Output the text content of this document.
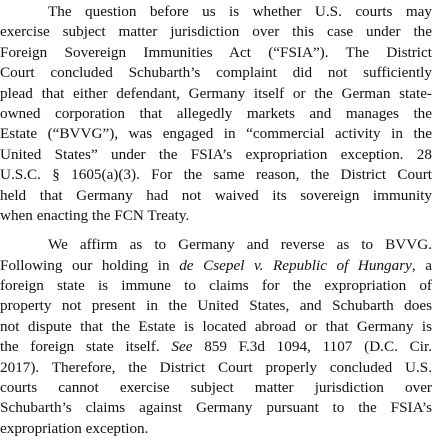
The question before us is whether U.S. courts may
exercise subject matter jurisdiction over this case under the
Foreign Sovereign Immunities Act (“FSIA”). The District
Court concluded Schubarth’s complaint did not sufficiently
plead that either defendant, Germany itself or the German state-
owned corporation that allegedly markets and manages the
Estate (“BVVG”), was engaged in “commercial activity in the
United States” under the FSIA’s expropriation exception. 28
U.S.C. § 1605(a)(3). For the same reason, the District Court
held that Germany had not waived its sovereign immunity
when enacting the FCN Treaty.
We affirm as to Germany and reverse as to BVVG.
Following our holding in de Csepel v. Republic of Hungary, a
foreign state is immune to claims for the expropriation of
property not present in the United States, and Schubarth does
not dispute that the Estate is located abroad or that Germany is
the foreign state itself. See 859 F.3d 1094, 1107 (D.C. Cir.
2017). Therefore, the District Court properly concluded U.S.
courts cannot exercise subject matter jurisdiction over
Schubarth’s claims against Germany pursuant to the FSIA’s
expropriation exception.
